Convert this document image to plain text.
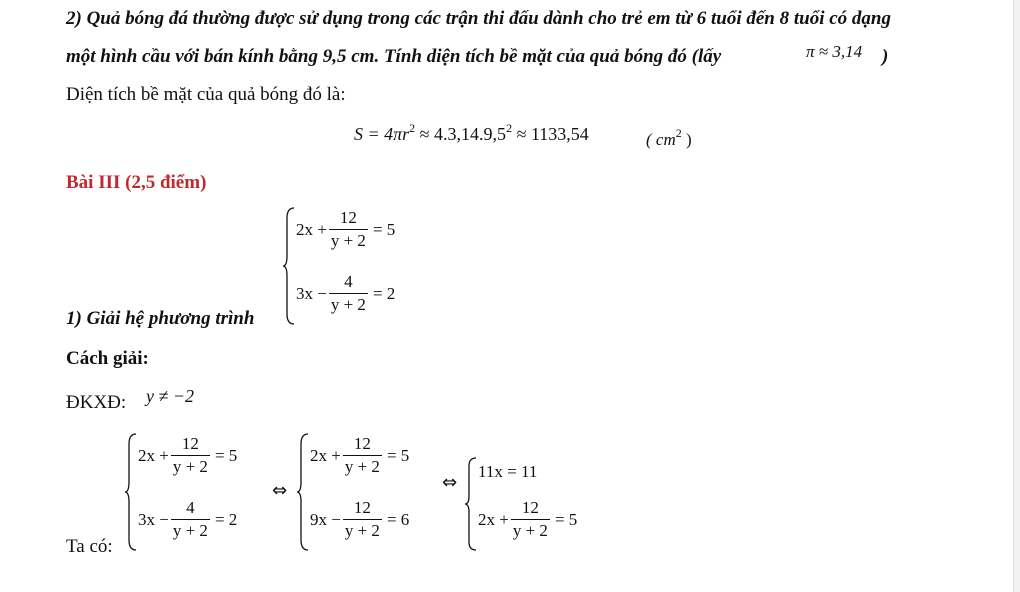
2) Quả bóng đá thường được sử dụng trong các trận thi đấu dành cho trẻ em từ 6 tuổi đến 8 tuổi có dạng
một hình cầu với bán kính bằng 9,5 cm. Tính diện tích bề mặt của quả bóng đó (lấy	π ≈ 3,14 )
Diện tích bề mặt của quả bóng đó là:
$S = 4\pi r^2 \approx 4.3,14.9,5^2 \approx 1133,54$	( $cm^2$ )
Bài III (2,5 điểm)
$2x + \frac{12}{y + 2} = 5$
$3x - \frac{4}{y + 2} = 2$
1) Giải hệ phương trình
Cách giải:
ĐKXĐ: y ≠ −2
$2x + \frac{12}{y + 2} = 5$
$3x - \frac{4}{y + 2} = 2$
⇔
$2x + \frac{12}{y + 2} = 5$
$9x - \frac{12}{y + 2} = 6$
⇔
11x = 11
$2x + \frac{12}{y + 2} = 5$
Ta có:
